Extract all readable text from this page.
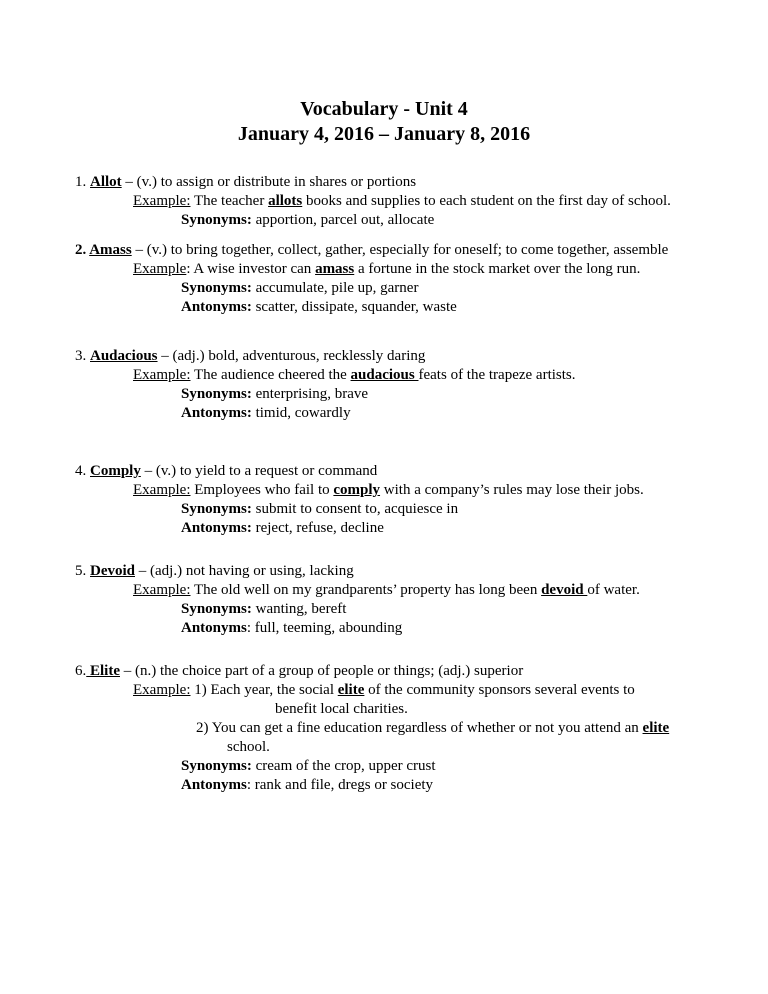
Vocabulary - Unit 4
January 4, 2016 – January 8, 2016
1. Allot – (v.) to assign or distribute in shares or portions
Example: The teacher allots books and supplies to each student on the first day of school.
Synonyms: apportion, parcel out, allocate
2. Amass – (v.) to bring together, collect, gather, especially for oneself; to come together, assemble
Example: A wise investor can amass a fortune in the stock market over the long run.
Synonyms: accumulate, pile up, garner
Antonyms: scatter, dissipate, squander, waste
3. Audacious – (adj.) bold, adventurous, recklessly daring
Example: The audience cheered the audacious feats of the trapeze artists.
Synonyms: enterprising, brave
Antonyms: timid, cowardly
4. Comply – (v.) to yield to a request or command
Example: Employees who fail to comply with a company’s rules may lose their jobs.
Synonyms: submit to consent to, acquiesce in
Antonyms: reject, refuse, decline
5. Devoid – (adj.) not having or using, lacking
Example: The old well on my grandparents’ property has long been devoid of water.
Synonyms: wanting, bereft
Antonyms: full, teeming, abounding
6. Elite – (n.) the choice part of a group of people or things; (adj.) superior
Example: 1) Each year, the social elite of the community sponsors several events to
benefit local charities.
2) You can get a fine education regardless of whether or not you attend an elite
school.
Synonyms: cream of the crop, upper crust
Antonyms: rank and file, dregs or society
